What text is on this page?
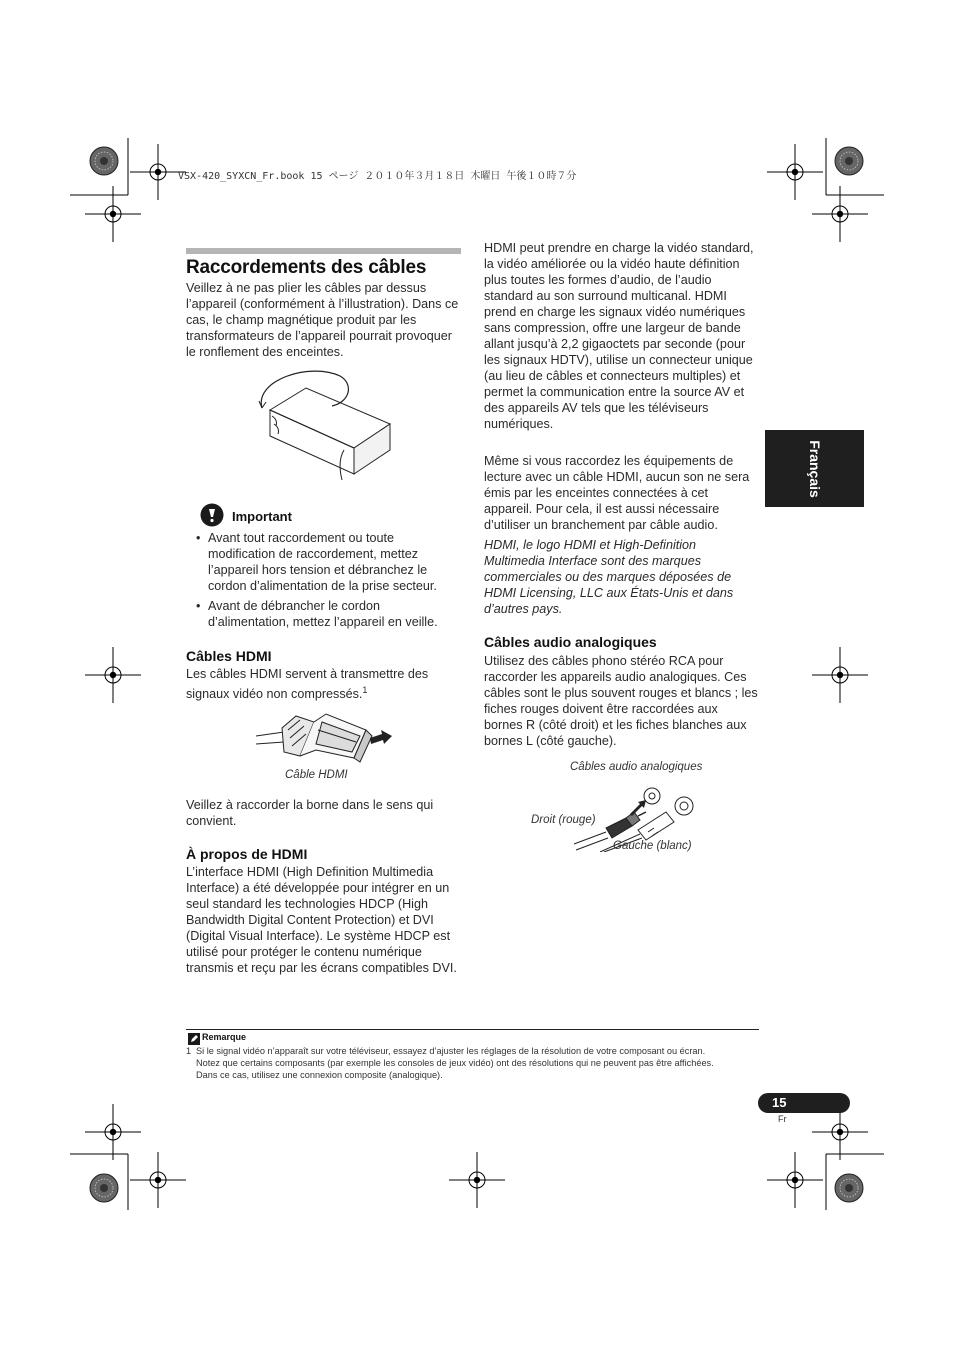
VSX-420_SYXCN_Fr.book 15 ページ ２０１０年３月１８日 木曜日 午後１０時７分
Français
Raccordements des câbles
Veillez à ne pas plier les câbles par dessus l’appareil (conformément à l’illustration). Dans ce cas, le champ magnétique produit par les transformateurs de l’appareil pourrait provoquer le ronflement des enceintes.
Important
• Avant tout raccordement ou toute modification de raccordement, mettez l’appareil hors tension et débranchez le cordon d’alimentation de la prise secteur.
• Avant de débrancher le cordon d’alimentation, mettez l’appareil en veille.
Câbles HDMI
Les câbles HDMI servent à transmettre des signaux vidéo non compressés.$^1$
Câble HDMI
Veillez à raccorder la borne dans le sens qui convient.
À propos de HDMI
L’interface HDMI (High Definition Multimedia Interface) a été développée pour intégrer en un seul standard les technologies HDCP (High Bandwidth Digital Content Protection) et DVI (Digital Visual Interface). Le système HDCP est utilisé pour protéger le contenu numérique transmis et reçu par les écrans compatibles DVI.
HDMI peut prendre en charge la vidéo standard, la vidéo améliorée ou la vidéo haute définition plus toutes les formes d’audio, de l’audio standard au son surround multicanal. HDMI prend en charge les signaux vidéo numériques sans compression, offre une largeur de bande allant jusqu’à 2,2 gigaoctets par seconde (pour les signaux HDTV), utilise un connecteur unique (au lieu de câbles et connecteurs multiples) et permet la communication entre la source AV et des appareils AV tels que les téléviseurs numériques.
Même si vous raccordez les équipements de lecture avec un câble HDMI, aucun son ne sera émis par les enceintes connectées à cet appareil. Pour cela, il est aussi nécessaire d’utiliser un branchement par câble audio.
HDMI, le logo HDMI et High-Definition Multimedia Interface sont des marques commerciales ou des marques déposées de HDMI Licensing, LLC aux États-Unis et dans d’autres pays.
Câbles audio analogiques
Utilisez des câbles phono stéréo RCA pour raccorder les appareils audio analogiques. Ces câbles sont le plus souvent rouges et blancs ; les fiches rouges doivent être raccordées aux bornes R (côté droit) et les fiches blanches aux bornes L (côté gauche).
Câbles audio analogiques
Droit (rouge)
Gauche (blanc)
Remarque
1 Si le signal vidéo n’apparaît sur votre téléviseur, essayez d’ajuster les réglages de la résolution de votre composant ou écran.
Notez que certains composants (par exemple les consoles de jeux vidéo) ont des résolutions qui ne peuvent pas être affichées.
Dans ce cas, utilisez une connexion composite (analogique).
15
Fr
